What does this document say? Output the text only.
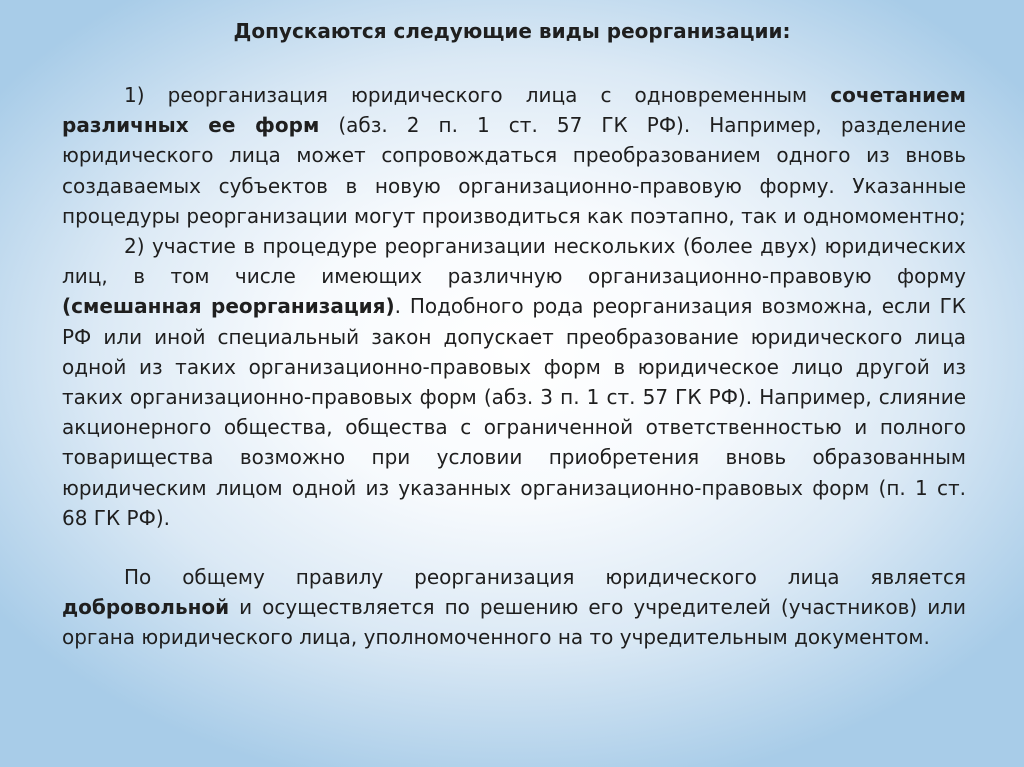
Допускаются следующие виды реорганизации:

1) реорганизация юридического лица с одновременным сочетанием различных ее форм (абз. 2 п. 1 ст. 57 ГК РФ). Например, разделение юридического лица может сопровождаться преобразованием одного из вновь создаваемых субъектов в новую организационно-правовую форму. Указанные процедуры реорганизации могут производиться как поэтапно, так и одномоментно;

2) участие в процедуре реорганизации нескольких (более двух) юридических лиц, в том числе имеющих различную организационно-правовую форму (смешанная реорганизация). Подобного рода реорганизация возможна, если ГК РФ или иной специальный закон допускает преобразование юридического лица одной из таких организационно-правовых форм в юридическое лицо другой из таких организационно-правовых форм (абз. 3 п. 1 ст. 57 ГК РФ). Например, слияние акционерного общества, общества с ограниченной ответственностью и полного товарищества возможно при условии приобретения вновь образованным юридическим лицом одной из указанных организационно-правовых форм (п. 1 ст. 68 ГК РФ).

По общему правилу реорганизация юридического лица является добровольной и осуществляется по решению его учредителей (участников) или органа юридического лица, уполномоченного на то учредительным документом.
